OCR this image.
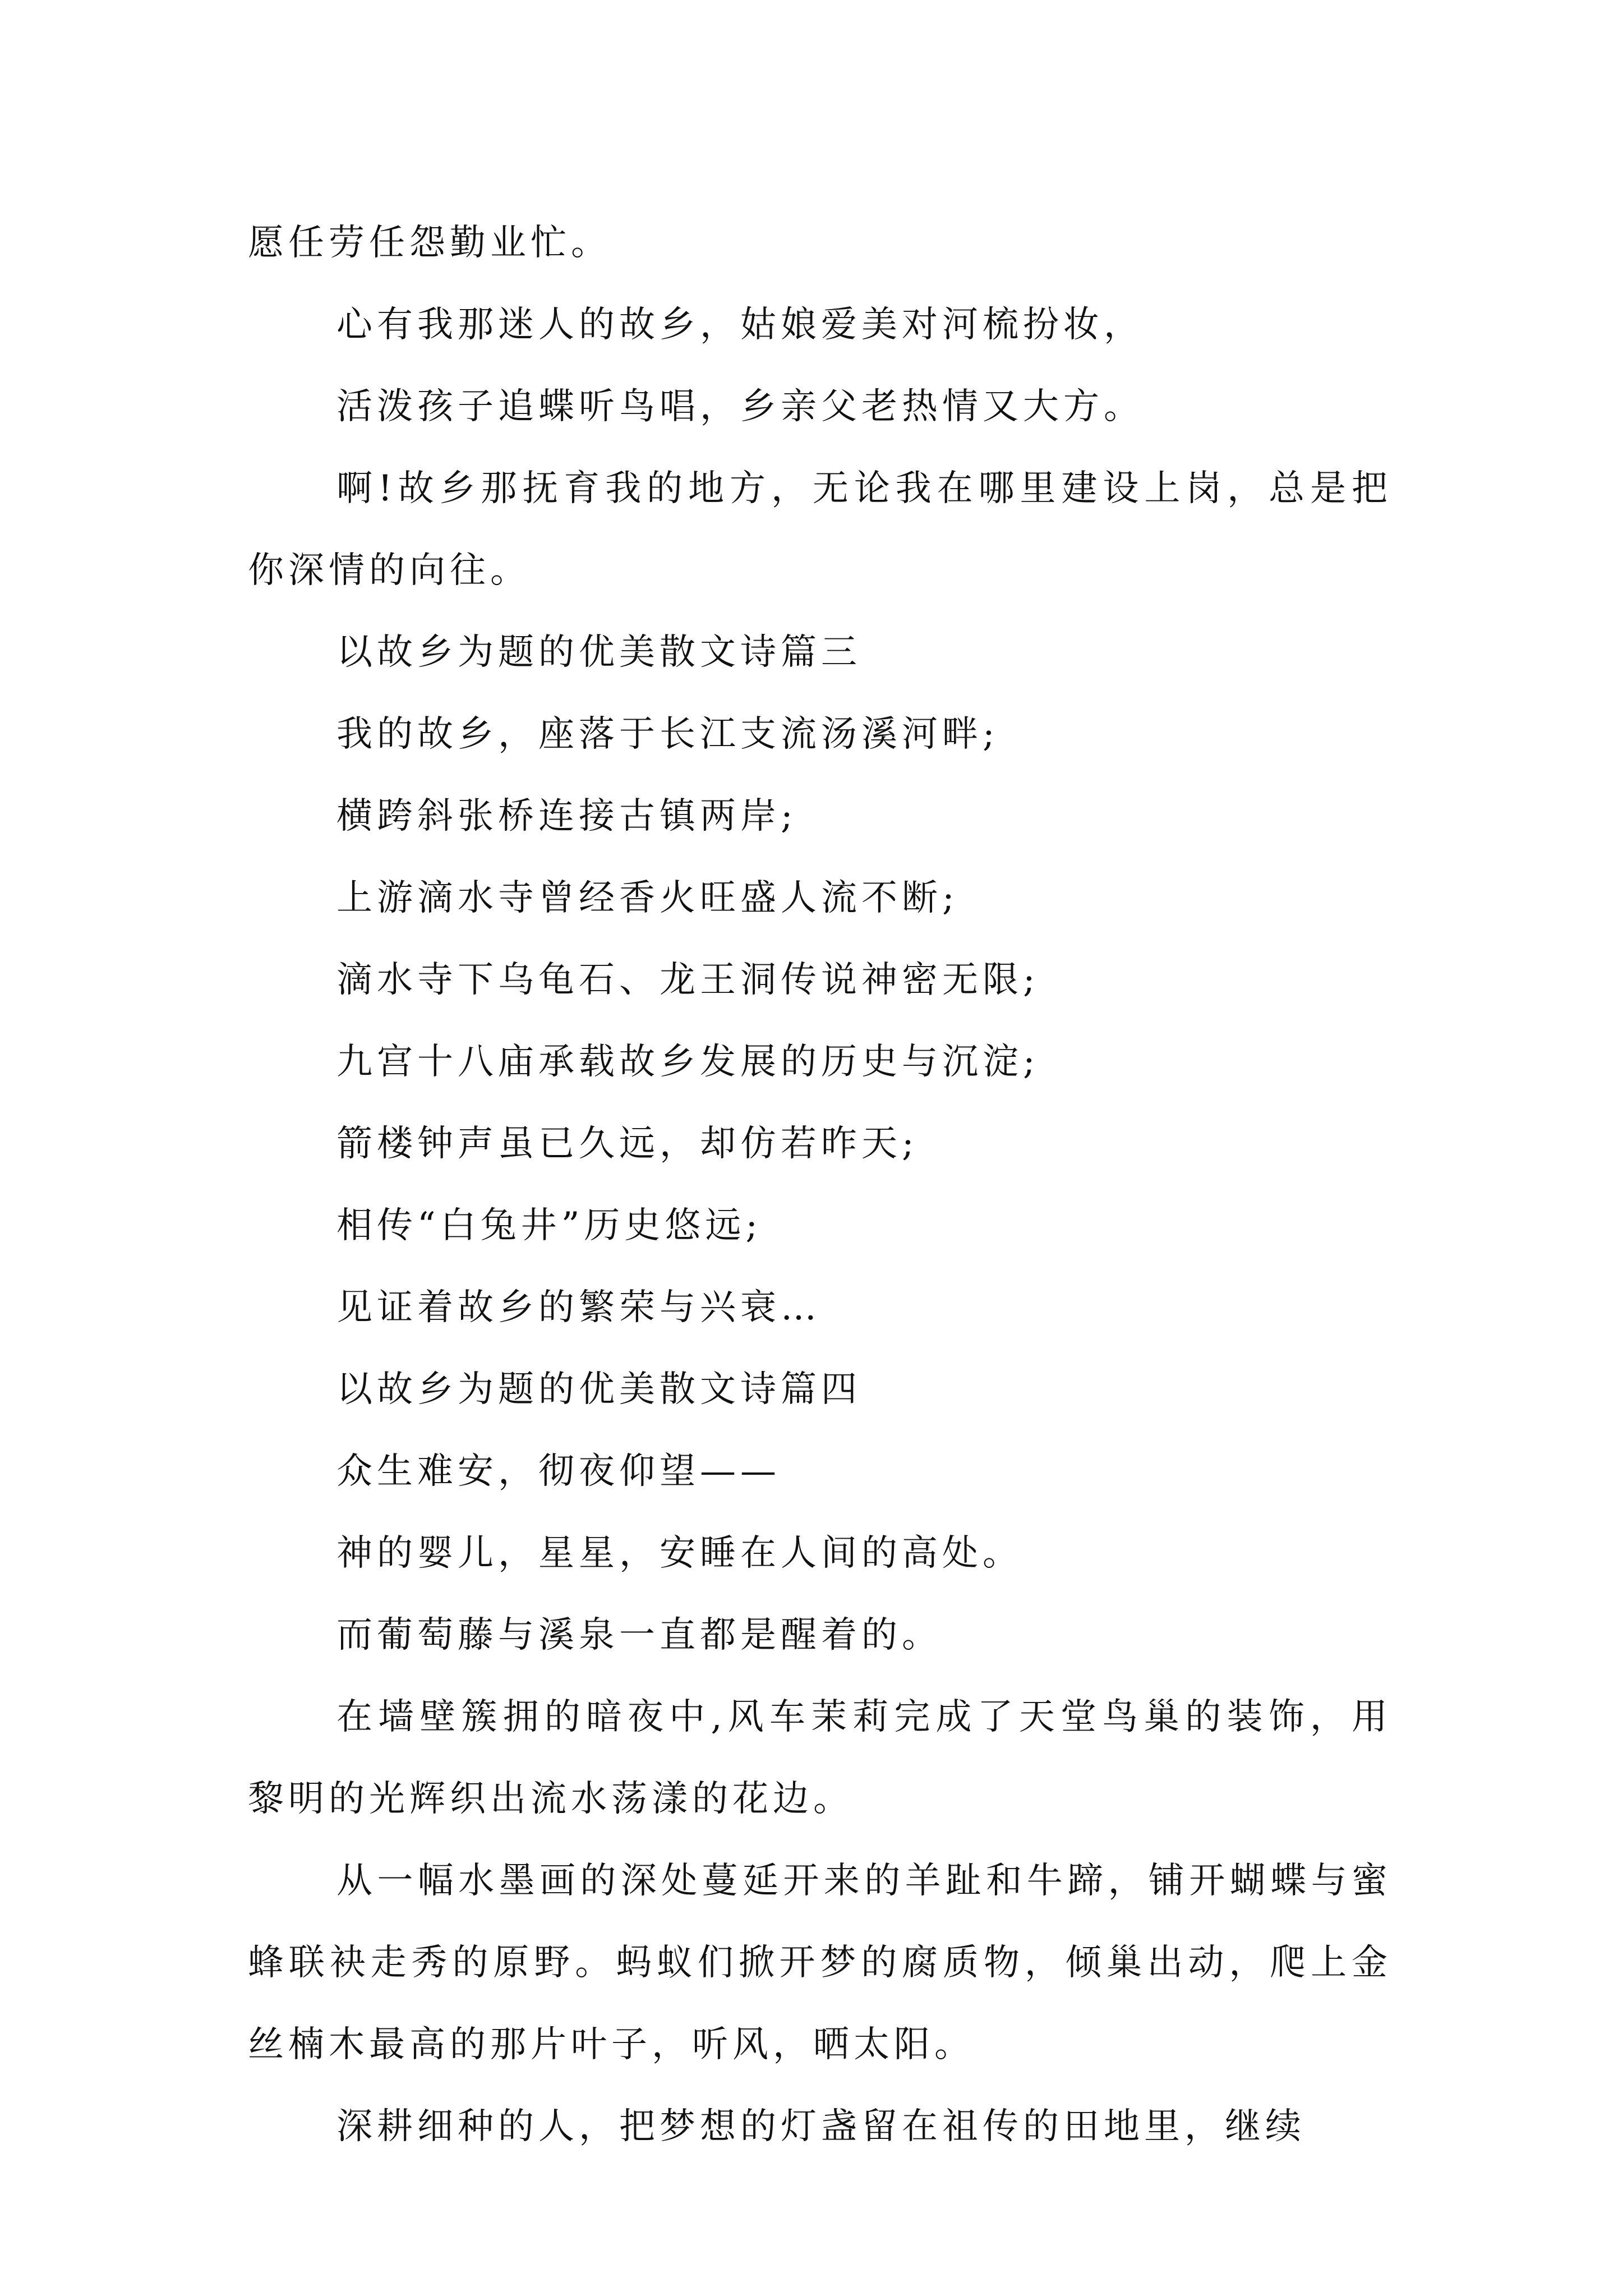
愿任劳任怨勤业忙。

心有我那迷人的故乡，姑娘爱美对河梳扮妆，

活泼孩子追蝶听鸟唱，乡亲父老热情又大方。

啊!故乡那抚育我的地方，无论我在哪里建设上岗，总是把你深情的向往。

以故乡为题的优美散文诗篇三

我的故乡，座落于长江支流汤溪河畔;

横跨斜张桥连接古镇两岸;

上游滴水寺曾经香火旺盛人流不断;

滴水寺下乌龟石、龙王洞传说神密无限;

九宫十八庙承载故乡发展的历史与沉淀;

箭楼钟声虽已久远，却仿若昨天;

相传“白兔井”历史悠远;

见证着故乡的繁荣与兴衰…

以故乡为题的优美散文诗篇四

众生难安，彻夜仰望——

神的婴儿，星星，安睡在人间的高处。

而葡萄藤与溪泉一直都是醒着的。

在墙壁簇拥的暗夜中,风车茉莉完成了天堂鸟巢的装饰，用黎明的光辉织出流水荡漾的花边。

从一幅水墨画的深处蔓延开来的羊趾和牛蹄，铺开蝴蝶与蜜蜂联袂走秀的原野。蚂蚁们掀开梦的腐质物，倾巢出动，爬上金丝楠木最高的那片叶子，听风，晒太阳。

深耕细种的人，把梦想的灯盏留在祖传的田地里，继续
